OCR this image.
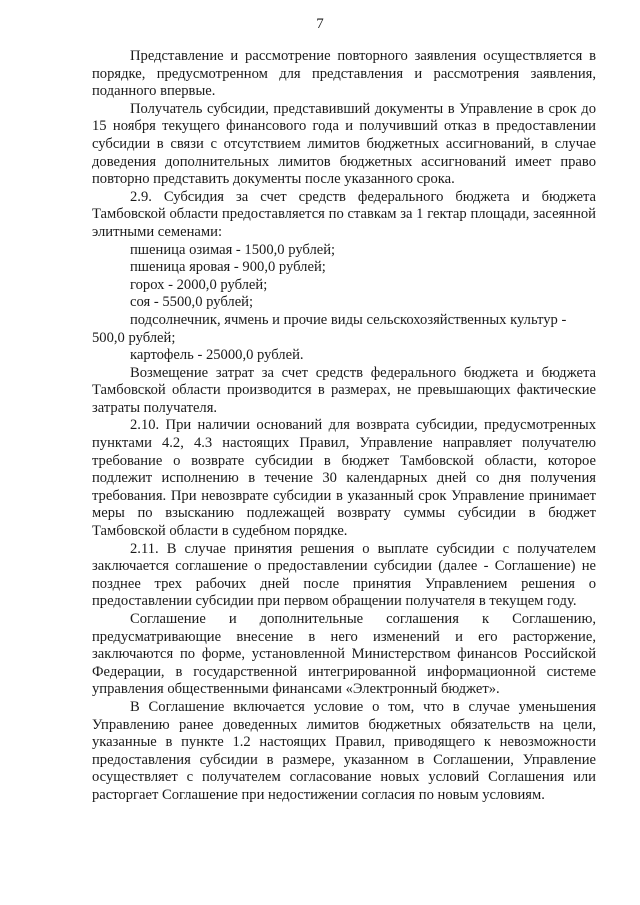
7

Представление и рассмотрение повторного заявления осуществляется в порядке, предусмотренном для представления и рассмотрения заявления, поданного впервые.

Получатель субсидии, представивший документы в Управление в срок до 15 ноября текущего финансового года и получивший отказ в предоставлении субсидии в связи с отсутствием лимитов бюджетных ассигнований, в случае доведения дополнительных лимитов бюджетных ассигнований имеет право повторно представить документы после указанного срока.

2.9. Субсидия за счет средств федерального бюджета и бюджета Тамбовской области предоставляется по ставкам за 1 гектар площади, засеянной элитными семенами:

пшеница озимая - 1500,0 рублей;

пшеница яровая - 900,0 рублей;

горох - 2000,0 рублей;

соя - 5500,0 рублей;

подсолнечник, ячмень и прочие виды сельскохозяйственных культур -

500,0 рублей;

картофель - 25000,0 рублей.

Возмещение затрат за счет средств федерального бюджета и бюджета Тамбовской области производится в размерах, не превышающих фактические затраты получателя.

2.10. При наличии оснований для возврата субсидии, предусмотренных пунктами 4.2, 4.3 настоящих Правил, Управление направляет получателю требование о возврате субсидии в бюджет Тамбовской области, которое подлежит исполнению в течение 30 календарных дней со дня получения требования. При невозврате субсидии в указанный срок Управление принимает меры по взысканию подлежащей возврату суммы субсидии в бюджет Тамбовской области в судебном порядке.

2.11. В случае принятия решения о выплате субсидии с получателем заключается соглашение о предоставлении субсидии (далее - Соглашение) не позднее трех рабочих дней после принятия Управлением решения о предоставлении субсидии при первом обращении получателя в текущем году.

Соглашение и дополнительные соглашения к Соглашению, предусматривающие внесение в него изменений и его расторжение, заключаются по форме, установленной Министерством финансов Российской Федерации, в государственной интегрированной информационной системе управления общественными финансами «Электронный бюджет».

В Соглашение включается условие о том, что в случае уменьшения Управлению ранее доведенных лимитов бюджетных обязательств на цели, указанные в пункте 1.2 настоящих Правил, приводящего к невозможности предоставления субсидии в размере, указанном в Соглашении, Управление осуществляет с получателем согласование новых условий Соглашения или расторгает Соглашение при недостижении согласия по новым условиям.
